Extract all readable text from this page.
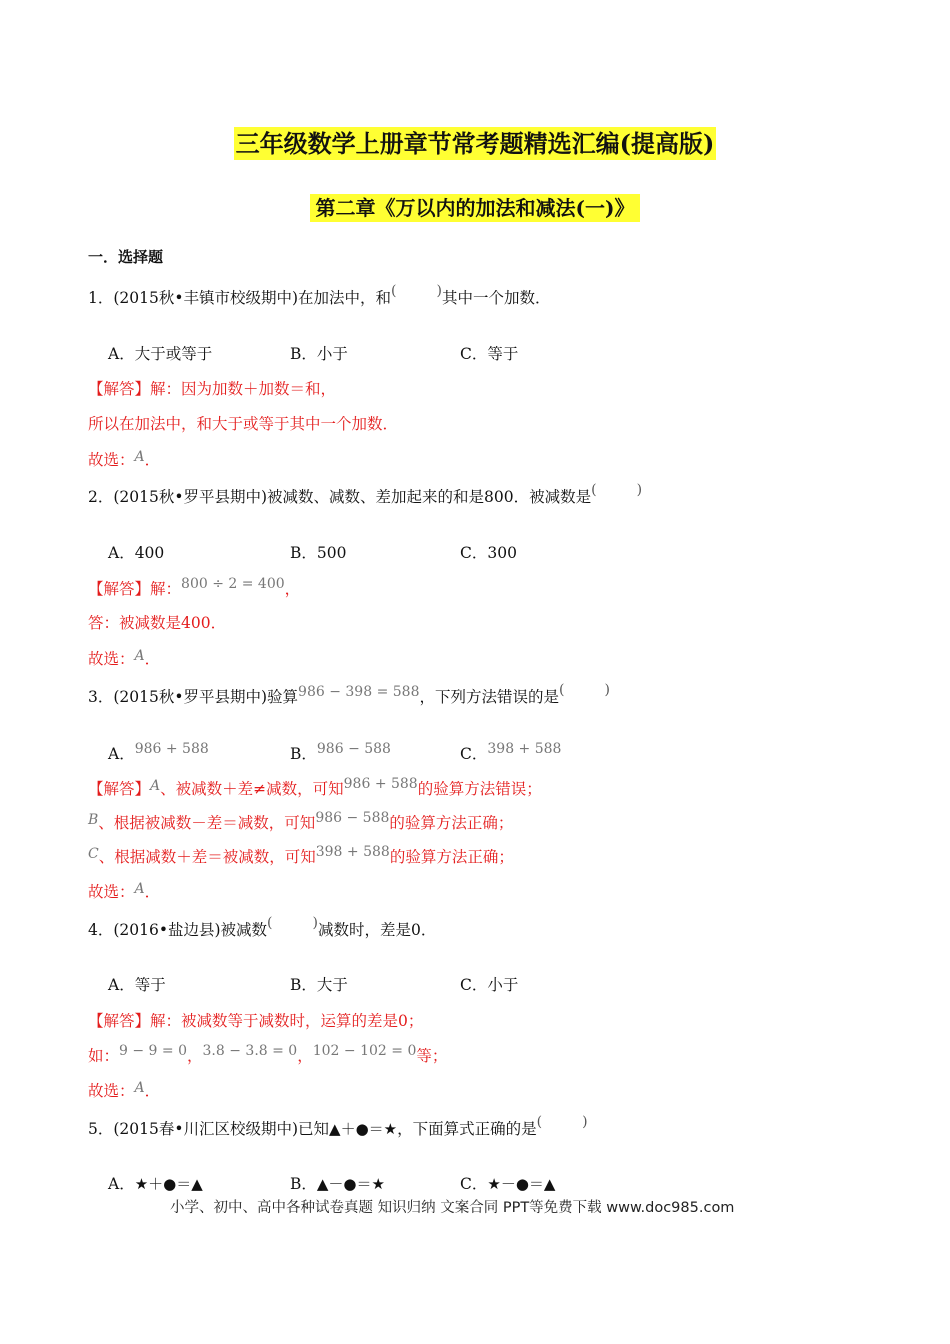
三年级数学上册章节常考题精选汇编(提高版)
第二章《万以内的加法和减法(一)》
一．选择题
1．(2015秋•丰镇市校级期中)在加法中，和(	)其中一个加数．
A．大于或等于	B．小于	C．等于
【解答】解：因为加数＋加数＝和，
所以在加法中，和大于或等于其中一个加数．
故选：A．
2．(2015秋•罗平县期中)被减数、减数、差加起来的和是800．被减数是(	)
A．400	B．500	C．300
【解答】解：800 ÷ 2 = 400，
答：被减数是400．
故选：A．
3．(2015秋•罗平县期中)验算986 − 398 = 588，下列方法错误的是(	)
A．986 + 588	B．986 − 588	C．398 + 588
【解答】A、被减数＋差≠减数，可知986 + 588的验算方法错误；
B、根据被减数－差＝减数，可知986 − 588的验算方法正确；
C、根据减数＋差＝被减数，可知398 + 588的验算方法正确；
故选：A．
4．(2016•盐边县)被减数(	)减数时，差是0．
A．等于	B．大于	C．小于
【解答】解：被减数等于减数时，运算的差是0；
如：9 − 9 = 0，3.8 − 3.8 = 0，102 − 102 = 0等；
故选：A．
5．(2015春•川汇区校级期中)已知▲＋●＝★，下面算式正确的是(	)
A．★＋●＝▲	B．▲－●＝★	C．★－●＝▲
小学、初中、高中各种试卷真题 知识归纳 文案合同 PPT等免费下载 www.doc985.com
